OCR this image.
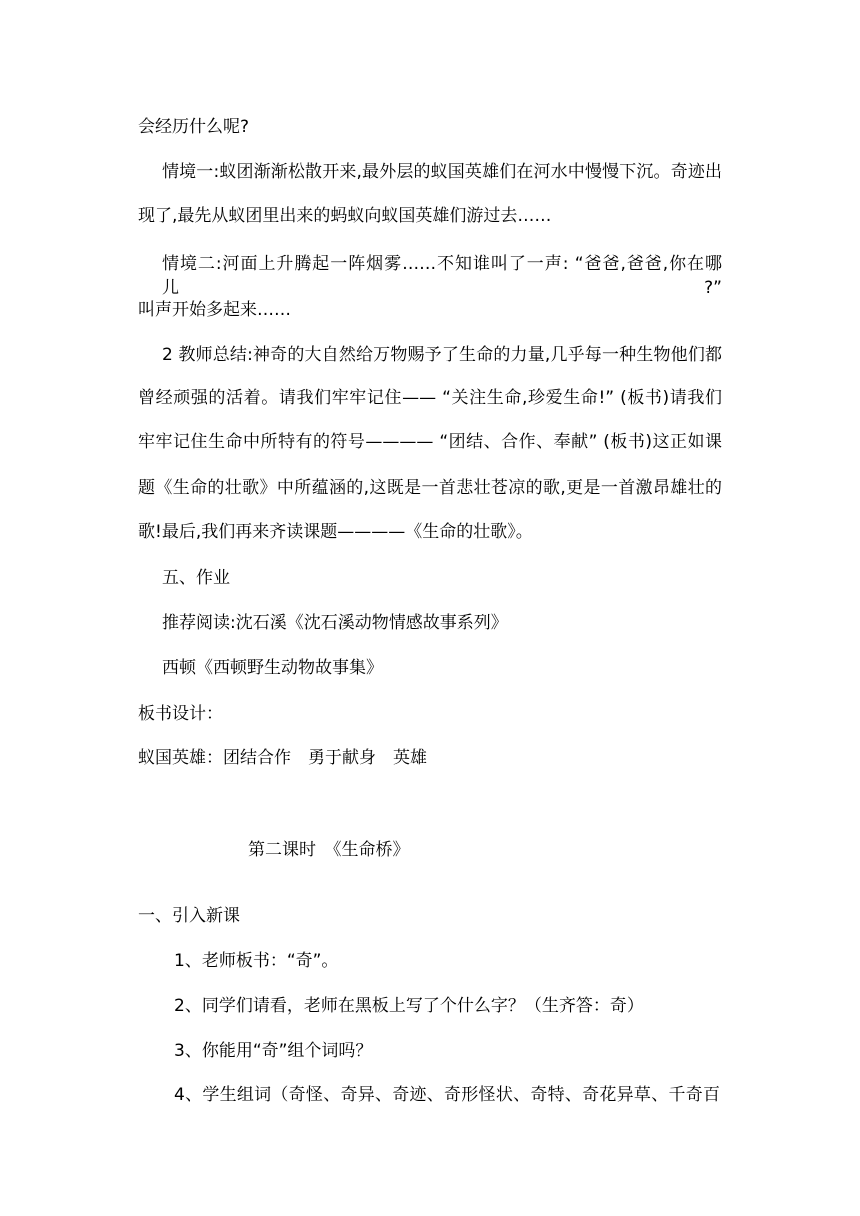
会经历什么呢?
情境一:蚁团渐渐松散开来,最外层的蚁国英雄们在河水中慢慢下沉。奇迹出
现了,最先从蚁团里出来的蚂蚁向蚁国英雄们游过去……
情境二:河面上升腾起一阵烟雾……不知谁叫了一声: “爸爸,爸爸,你在哪儿?”
叫声开始多起来……
2 教师总结:神奇的大自然给万物赐予了生命的力量,几乎每一种生物他们都
曾经顽强的活着。请我们牢牢记住—— “关注生命,珍爱生命!” (板书)请我们
牢牢记住生命中所特有的符号———— “团结、合作、奉献” (板书)这正如课
题《生命的壮歌》中所蕴涵的,这既是一首悲壮苍凉的歌,更是一首激昂雄壮的
歌!最后,我们再来齐读课题————《生命的壮歌》。
五、作业
推荐阅读:沈石溪《沈石溪动物情感故事系列》
西顿《西顿野生动物故事集》
板书设计：
蚁国英雄：团结合作　勇于献身　英雄
第二课时　《生命桥》
一、引入新课
1、老师板书：“奇”。
2、同学们请看，老师在黑板上写了个什么字？（生齐答：奇）
3、你能用“奇”组个词吗？
4、学生组词（奇怪、奇异、奇迹、奇形怪状、奇特、奇花异草、千奇百
